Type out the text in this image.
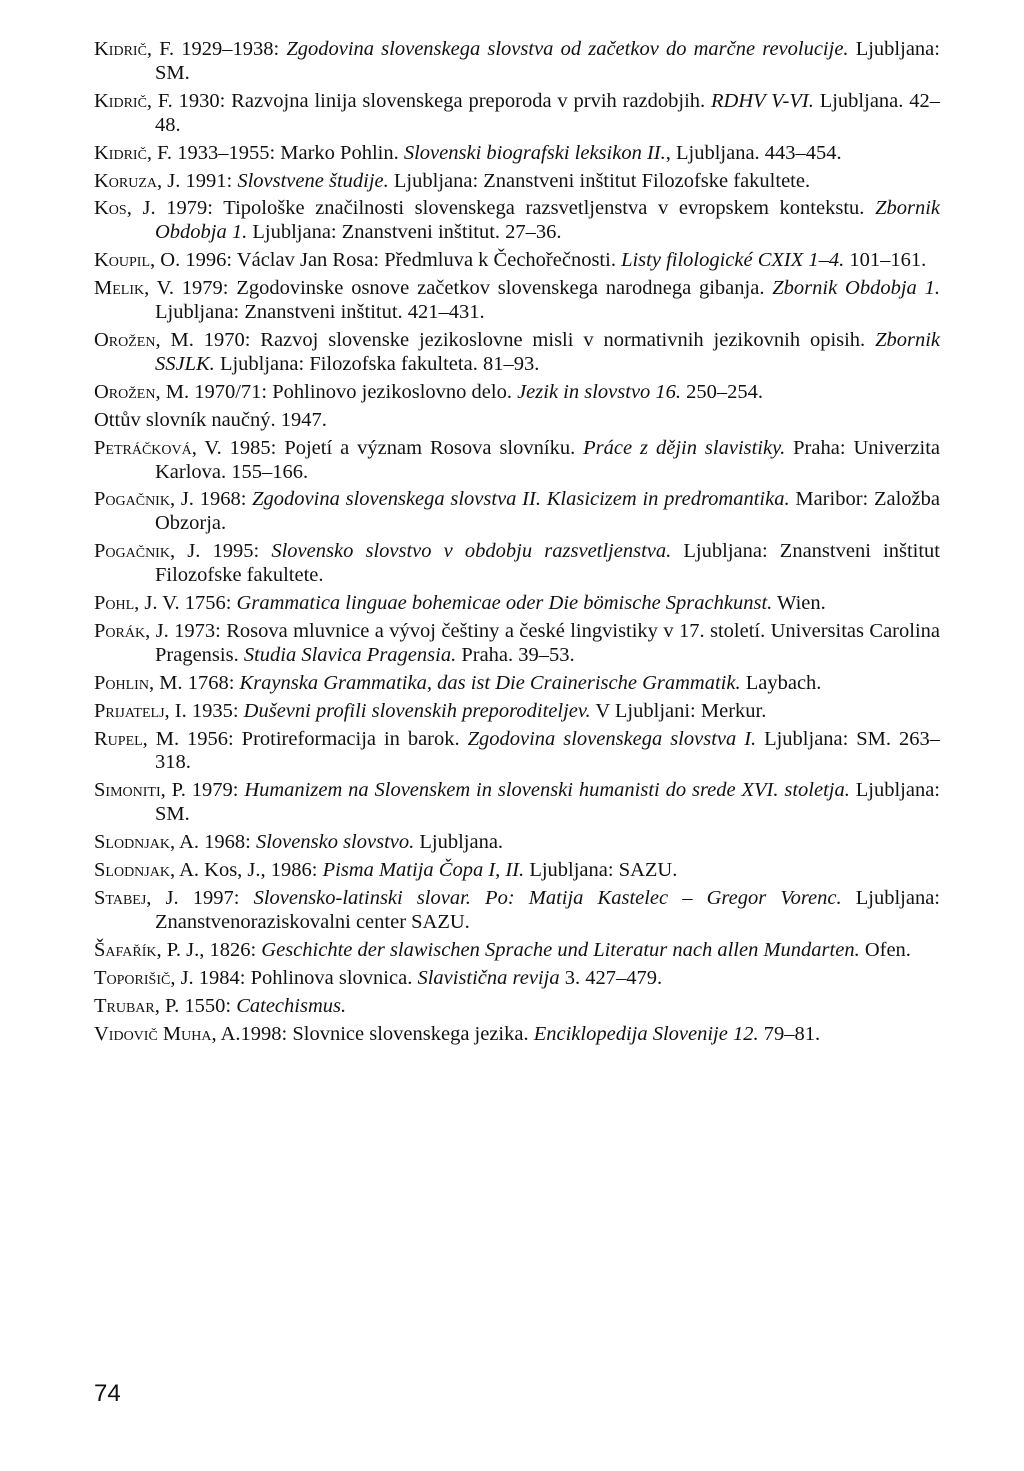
Kidrič, F. 1929–1938: Zgodovina slovenskega slovstva od začetkov do marčne revolucije. Ljubljana: SM.

Kidrič, F. 1930: Razvojna linija slovenskega preporoda v prvih razdobjih. RDHV V-VI. Ljubljana. 42–48.

Kidrič, F. 1933–1955: Marko Pohlin. Slovenski biografski leksikon II., Ljubljana. 443–454.

Koruza, J. 1991: Slovstvene študije. Ljubljana: Znanstveni inštitut Filozofske fakultete.

Kos, J. 1979: Tipološke značilnosti slovenskega razsvetljenstva v evropskem kontekstu. Zbornik Obdobja 1. Ljubljana: Znanstveni inštitut. 27–36.

Koupil, O. 1996: Václav Jan Rosa: Předmluva k Čechořečnosti. Listy filologické CXIX 1–4. 101–161.

Melik, V. 1979: Zgodovinske osnove začetkov slovenskega narodnega gibanja. Zbornik Obdobja 1. Ljubljana: Znanstveni inštitut. 421–431.

Orožen, M. 1970: Razvoj slovenske jezikoslovne misli v normativnih jezikovnih opisih. Zbornik SSJLK. Ljubljana: Filozofska fakulteta. 81–93.

Orožen, M. 1970/71: Pohlinovo jezikoslovno delo. Jezik in slovstvo 16. 250–254.

Ottův slovník naučný. 1947.

Petráčková, V. 1985: Pojetí a význam Rosova slovníku. Práce z dějin slavistiky. Praha: Univerzita Karlova. 155–166.

Pogačnik, J. 1968: Zgodovina slovenskega slovstva II. Klasicizem in predromantika. Maribor: Založba Obzorja.

Pogačnik, J. 1995: Slovensko slovstvo v obdobju razsvetljenstva. Ljubljana: Znanstveni inštitut Filozofske fakultete.

Pohl, J. V. 1756: Grammatica linguae bohemicae oder Die bömische Sprachkunst. Wien.

Porák, J. 1973: Rosova mluvnice a vývoj češtiny a české lingvistiky v 17. století. Universitas Carolina Pragensis. Studia Slavica Pragensia. Praha. 39–53.

Pohlin, M. 1768: Kraynska Grammatika, das ist Die Crainerische Grammatik. Laybach.

Prijatelj, I. 1935: Duševni profili slovenskih preporoditeljev. V Ljubljani: Merkur.

Rupel, M. 1956: Protireformacija in barok. Zgodovina slovenskega slovstva I. Ljubljana: SM. 263–318.

Simoniti, P. 1979: Humanizem na Slovenskem in slovenski humanisti do srede XVI. stoletja. Ljubljana: SM.

Slodnjak, A. 1968: Slovensko slovstvo. Ljubljana.

Slodnjak, A. Kos, J., 1986: Pisma Matija Čopa I, II. Ljubljana: SAZU.

Stabej, J. 1997: Slovensko-latinski slovar. Po: Matija Kastelec – Gregor Vorenc. Ljubljana: Znanstvenoraziskovalni center SAZU.

Šafařík, P. J., 1826: Geschichte der slawischen Sprache und Literatur nach allen Mundarten. Ofen.

Toporišič, J. 1984: Pohlinova slovnica. Slavistična revija 3. 427–479.

Trubar, P. 1550: Catechismus.

Vidovič Muha, A.1998: Slovnice slovenskega jezika. Enciklopedija Slovenije 12. 79–81.

74
